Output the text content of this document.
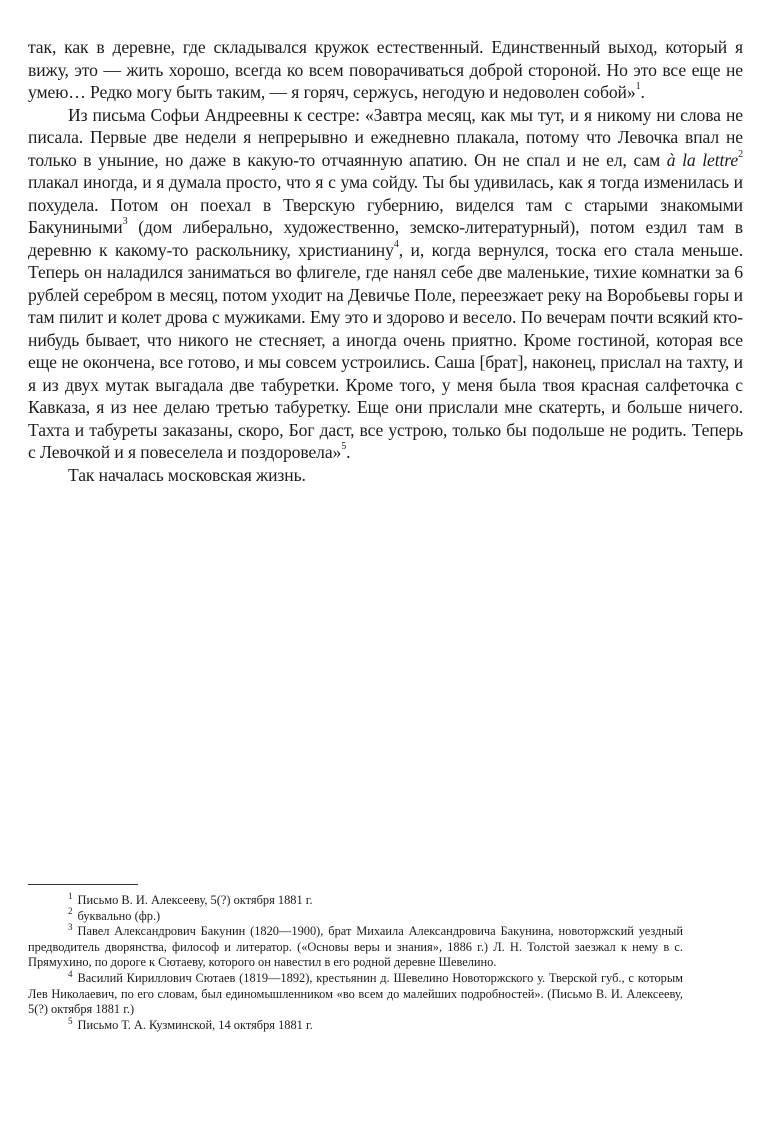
так, как в деревне, где складывался кружок естественный. Единственный выход, который я вижу, это — жить хорошо, всегда ко всем поворачиваться доброй стороной. Но это все еще не умею… Редко могу быть таким, — я горяч, сержусь, негодую и недоволен собой»$^1$.

Из письма Софьи Андреевны к сестре: «Завтра месяц, как мы тут, и я никому ни слова не писала. Первые две недели я непрерывно и ежедневно плакала, потому что Левочка впал не только в уныние, но даже в какую-то отчаянную апатию. Он не спал и не ел, сам à la lettre$^2$ плакал иногда, и я думала просто, что я с ума сойду. Ты бы удивилась, как я тогда изменилась и похудела. Потом он поехал в Тверскую губернию, виделся там с старыми знакомыми Бакуниными$^3$ (дом либерально, художественно, земско-литературный), потом ездил там в деревню к какому-то раскольнику, христианину$^4$, и, когда вернулся, тоска его стала меньше. Теперь он наладился заниматься во флигеле, где нанял себе две маленькие, тихие комнатки за 6 рублей серебром в месяц, потом уходит на Девичье Поле, переезжает реку на Воробьевы горы и там пилит и колет дрова с мужиками. Ему это и здорово и весело. По вечерам почти всякий кто-нибудь бывает, что никого не стесняет, а иногда очень приятно. Кроме гостиной, которая все еще не окончена, все готово, и мы совсем устроились. Саша [брат], наконец, прислал на тахту, и я из двух мутак выгадала две табуретки. Кроме того, у меня была твоя красная салфеточка с Кавказа, я из нее делаю третью табуретку. Еще они прислали мне скатерть, и больше ничего. Тахта и табуреты заказаны, скоро, Бог даст, все устрою, только бы подольше не родить. Теперь с Левочкой и я повеселела и поздоровела»$^5$.

Так началась московская жизнь.

$^1$ Письмо В. И. Алексееву, 5(?) октября 1881 г.

$^2$ буквально (фр.)

$^3$ Павел Александрович Бакунин (1820—1900), брат Михаила Александровича Бакунина, новоторжский уездный предводитель дворянства, философ и литератор. («Основы веры и знания», 1886 г.) Л. Н. Толстой заезжал к нему в с. Прямухино, по дороге к Сютаеву, которого он навестил в его родной деревне Шевелино.

$^4$ Василий Кириллович Сютаев (1819—1892), крестьянин д. Шевелино Новоторжского у. Тверской губ., с которым Лев Николаевич, по его словам, был единомышленником «во всем до малейших подробностей». (Письмо В. И. Алексееву, 5(?) октября 1881 г.)

$^5$ Письмо Т. А. Кузминской, 14 октября 1881 г.
